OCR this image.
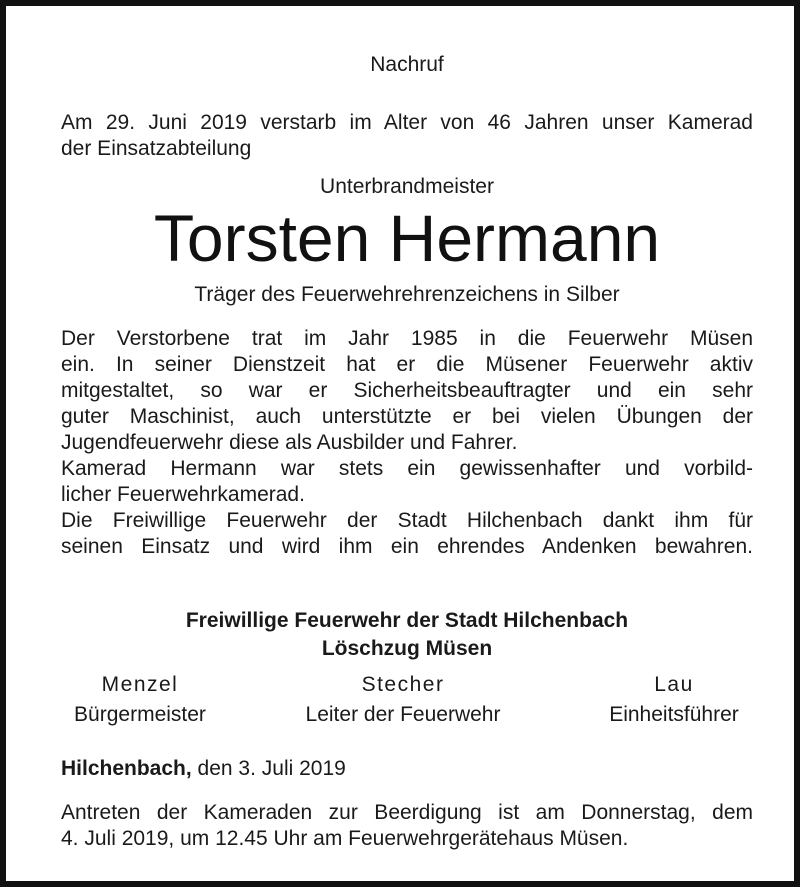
Nachruf
Am 29. Juni 2019 verstarb im Alter von 46 Jahren unser Kamerad
der Einsatzabteilung
Unterbrandmeister
Torsten Hermann
Träger des Feuerwehrehrenzeichens in Silber
Der Verstorbene trat im Jahr 1985 in die Feuerwehr Müsen
ein. In seiner Dienstzeit hat er die Müsener Feuerwehr aktiv
mitgestaltet, so war er Sicherheitsbeauftragter und ein sehr
guter Maschinist, auch unterstützte er bei vielen Übungen der
Jugendfeuerwehr diese als Ausbilder und Fahrer.
Kamerad Hermann war stets ein gewissenhafter und vorbild-
licher Feuerwehrkamerad.
Die Freiwillige Feuerwehr der Stadt Hilchenbach dankt ihm für
seinen Einsatz und wird ihm ein ehrendes Andenken bewahren.
Freiwillige Feuerwehr der Stadt Hilchenbach
Löschzug Müsen
Menzel
Bürgermeister
Stecher
Leiter der Feuerwehr
Lau
Einheitsführer
Hilchenbach, den 3. Juli 2019
Antreten der Kameraden zur Beerdigung ist am Donnerstag, dem
4. Juli 2019, um 12.45 Uhr am Feuerwehrgerätehaus Müsen.
